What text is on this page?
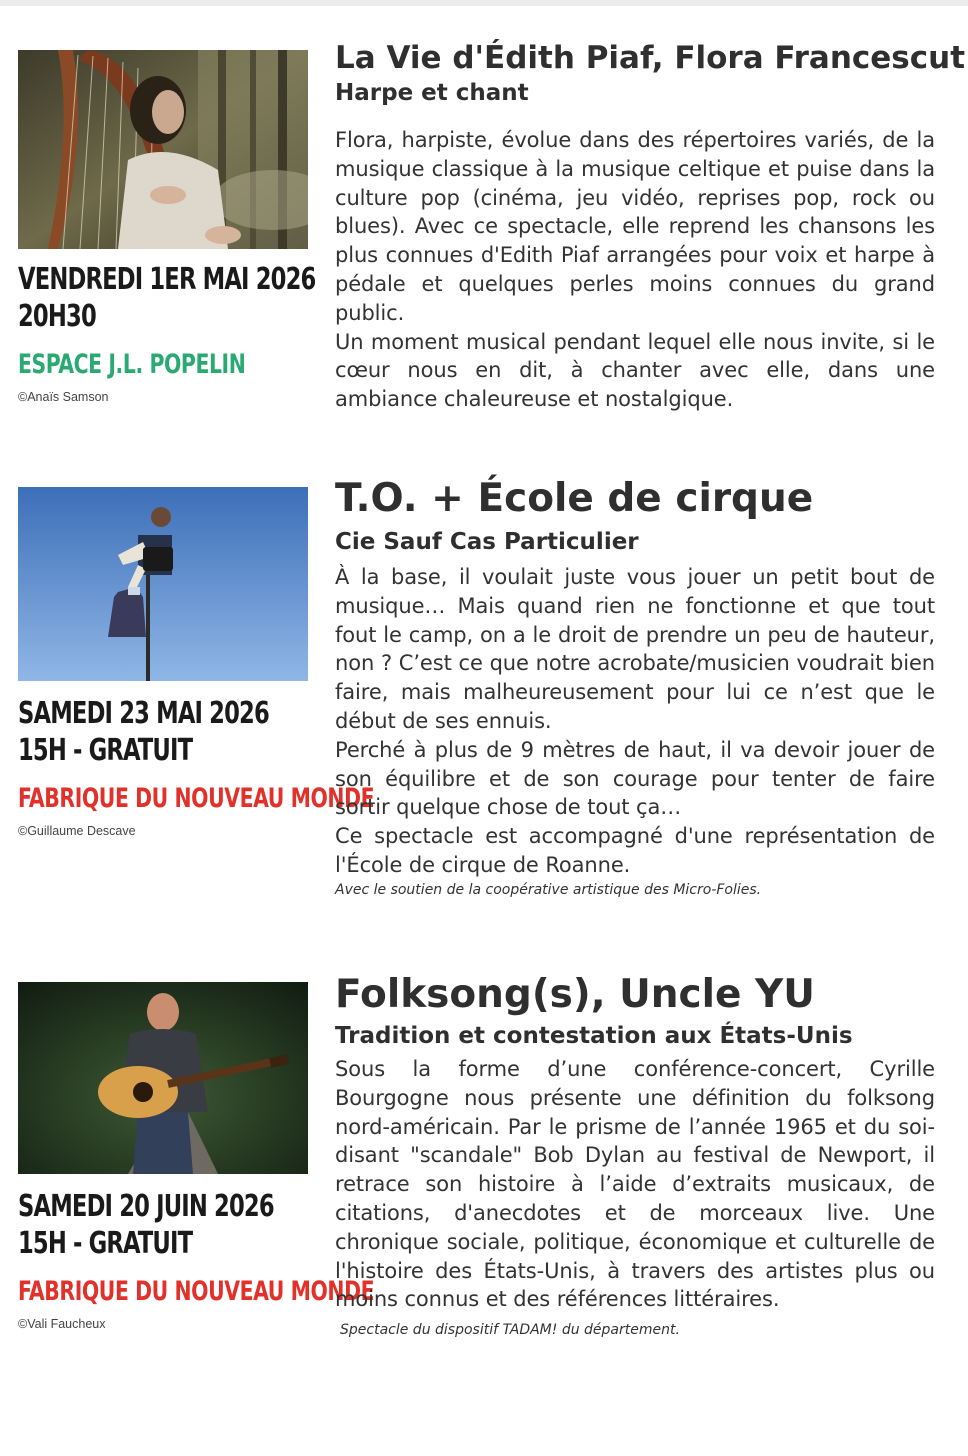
VENDREDI 1ER MAI 2026
20H30
ESPACE J.L. POPELIN
©Anaïs Samson
La Vie d'Édith Piaf, Flora Francescut
Harpe et chant

Flora, harpiste, évolue dans des répertoires variés, de la musique classique à la musique celtique et puise dans la culture pop (cinéma, jeu vidéo, reprises pop, rock ou blues). Avec ce spectacle, elle reprend les chansons les plus connues d'Edith Piaf arrangées pour voix et harpe à pédale et quelques perles moins connues du grand public.

Un moment musical pendant lequel elle nous invite, si le cœur nous en dit, à chanter avec elle, dans une ambiance chaleureuse et nostalgique.

SAMEDI 23 MAI 2026
15H - GRATUIT
FABRIQUE DU NOUVEAU MONDE
©Guillaume Descave
T.O. + École de cirque
Cie Sauf Cas Particulier

À la base, il voulait juste vous jouer un petit bout de musique… Mais quand rien ne fonctionne et que tout fout le camp, on a le droit de prendre un peu de hauteur, non ? C’est ce que notre acrobate/musicien voudrait bien faire, mais malheureusement pour lui ce n’est que le début de ses ennuis.

Perché à plus de 9 mètres de haut, il va devoir jouer de son équilibre et de son courage pour tenter de faire sortir quelque chose de tout ça…

Ce spectacle est accompagné d'une représentation de l'École de cirque de Roanne.

Avec le soutien de la coopérative artistique des Micro-Folies.
SAMEDI 20 JUIN 2026
15H - GRATUIT
FABRIQUE DU NOUVEAU MONDE
©Vali Faucheux
Folksong(s), Uncle YU
Tradition et contestation aux États-Unis

Sous la forme d’une conférence-concert, Cyrille Bourgogne nous présente une définition du folksong nord-américain. Par le prisme de l’année 1965 et du soi-disant "scandale" Bob Dylan au festival de Newport, il retrace son histoire à l’aide d’extraits musicaux, de citations, d'anecdotes et de morceaux live. Une chronique sociale, politique, économique et culturelle de l'histoire des États-Unis, à travers des artistes plus ou moins connus et des références littéraires.

Spectacle du dispositif TADAM! du département.
